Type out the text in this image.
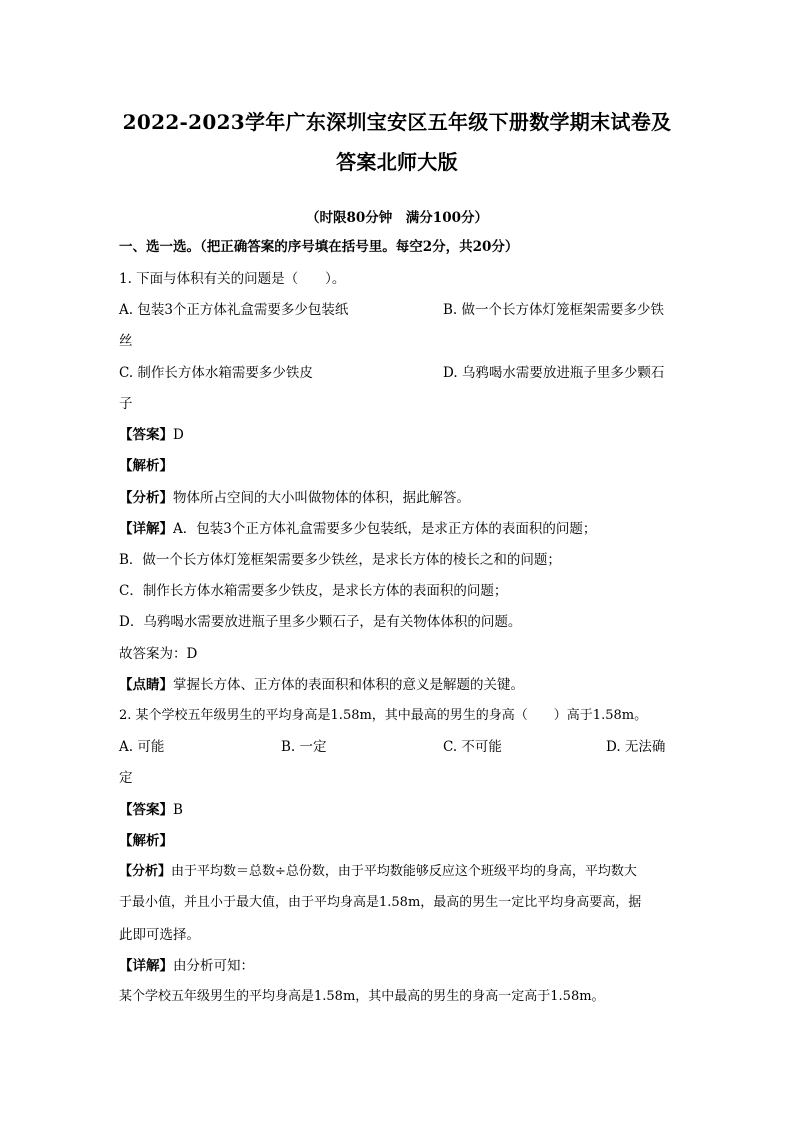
2022-2023学年广东深圳宝安区五年级下册数学期末试卷及
答案北师大版
（时限80分钟　满分100分）
一、选一选。（把正确答案的序号填在括号里。每空2分，共20分）
1. 下面与体积有关的问题是（　　）。
A. 包装3个正方体礼盒需要多少包装纸	B. 做一个长方体灯笼框架需要多少铁
丝
C. 制作长方体水箱需要多少铁皮	D. 乌鸦喝水需要放进瓶子里多少颗石
子
【答案】D
【解析】
【分析】物体所占空间的大小叫做物体的体积，据此解答。
【详解】A．包装3个正方体礼盒需要多少包装纸，是求正方体的表面积的问题；
B．做一个长方体灯笼框架需要多少铁丝，是求长方体的棱长之和的问题；
C．制作长方体水箱需要多少铁皮，是求长方体的表面积的问题；
D．乌鸦喝水需要放进瓶子里多少颗石子，是有关物体体积的问题。
故答案为：D
【点睛】掌握长方体、正方体的表面积和体积的意义是解题的关键。
2. 某个学校五年级男生的平均身高是1.58m，其中最高的男生的身高（　　）高于1.58m。
A. 可能	B. 一定	C. 不可能	D. 无法确
定
【答案】B
【解析】
【分析】由于平均数＝总数÷总份数，由于平均数能够反应这个班级平均的身高，平均数大
于最小值，并且小于最大值，由于平均身高是1.58m，最高的男生一定比平均身高要高，据
此即可选择。
【详解】由分析可知：
某个学校五年级男生的平均身高是1.58m，其中最高的男生的身高一定高于1.58m。
